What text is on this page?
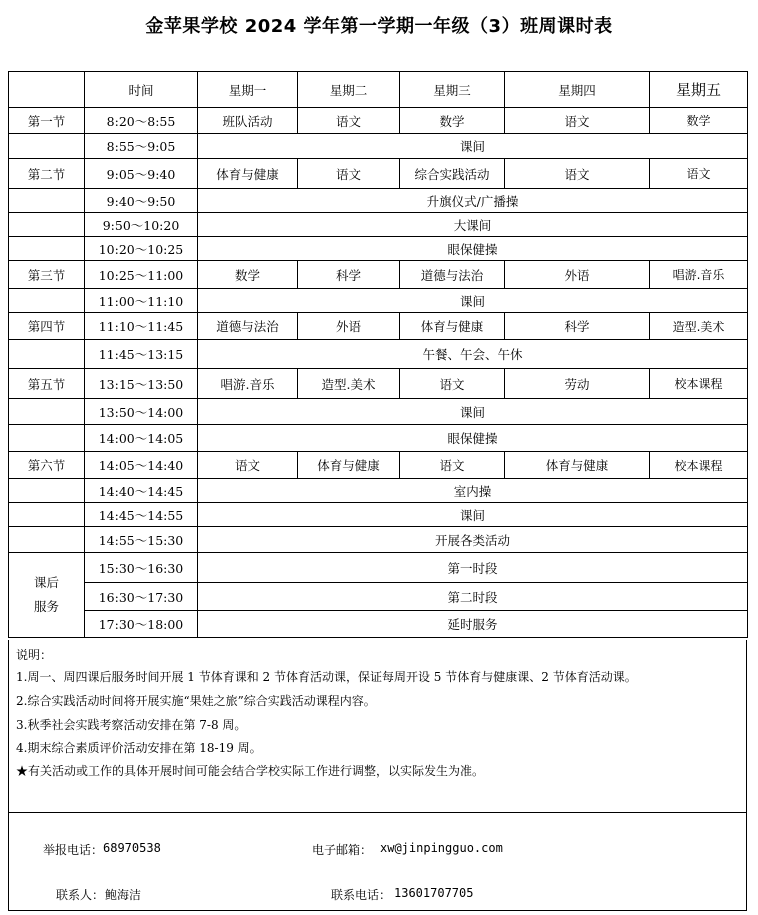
金苹果学校 2024 学年第一学期一年级（3）班周课时表
	时间	星期一	星期二	星期三	星期四	星期五
第一节	8:20～8:55	班队活动	语文	数学	语文	数学
	8:55～9:05	课间				
第二节	9:05～9:40	体育与健康	语文	综合实践活动	语文	语文
	9:40～9:50	升旗仪式/广播操				
	9:50～10:20	大课间				
	10:20～10:25	眼保健操				
第三节	10:25～11:00	数学	科学	道德与法治	外语	唱游.音乐
	11:00～11:10	课间				
第四节	11:10～11:45	道德与法治	外语	体育与健康	科学	造型.美术
	11:45～13:15	午餐、午会、午休				
第五节	13:15～13:50	唱游.音乐	造型.美术	语文	劳动	校本课程
	13:50～14:00	课间				
	14:00～14:05	眼保健操				
第六节	14:05～14:40	语文	体育与健康	语文	体育与健康	校本课程
	14:40～14:45	室内操				
	14:45～14:55	课间				
	14:55～15:30	开展各类活动				

课后
服务	15:30～16:30	第一时段				
	16:30～17:30	第二时段				
	17:30～18:00	延时服务				
说明：
1.周一、周四课后服务时间开展 1 节体育课和 2 节体育活动课，保证每周开设 5 节体育与健康课、2 节体育活动课。
2.综合实践活动时间将开展实施“果娃之旅”综合实践活动课程内容。
3.秋季社会实践考察活动安排在第 7-8 周。
4.期末综合素质评价活动安排在第 18-19 周。
★有关活动或工作的具体开展时间可能会结合学校实际工作进行调整，以实际发生为准。
举报电话： 68970538	电子邮箱： xw@jinpingguo.com
联系人： 鲍海洁	联系电话： 13601707705
